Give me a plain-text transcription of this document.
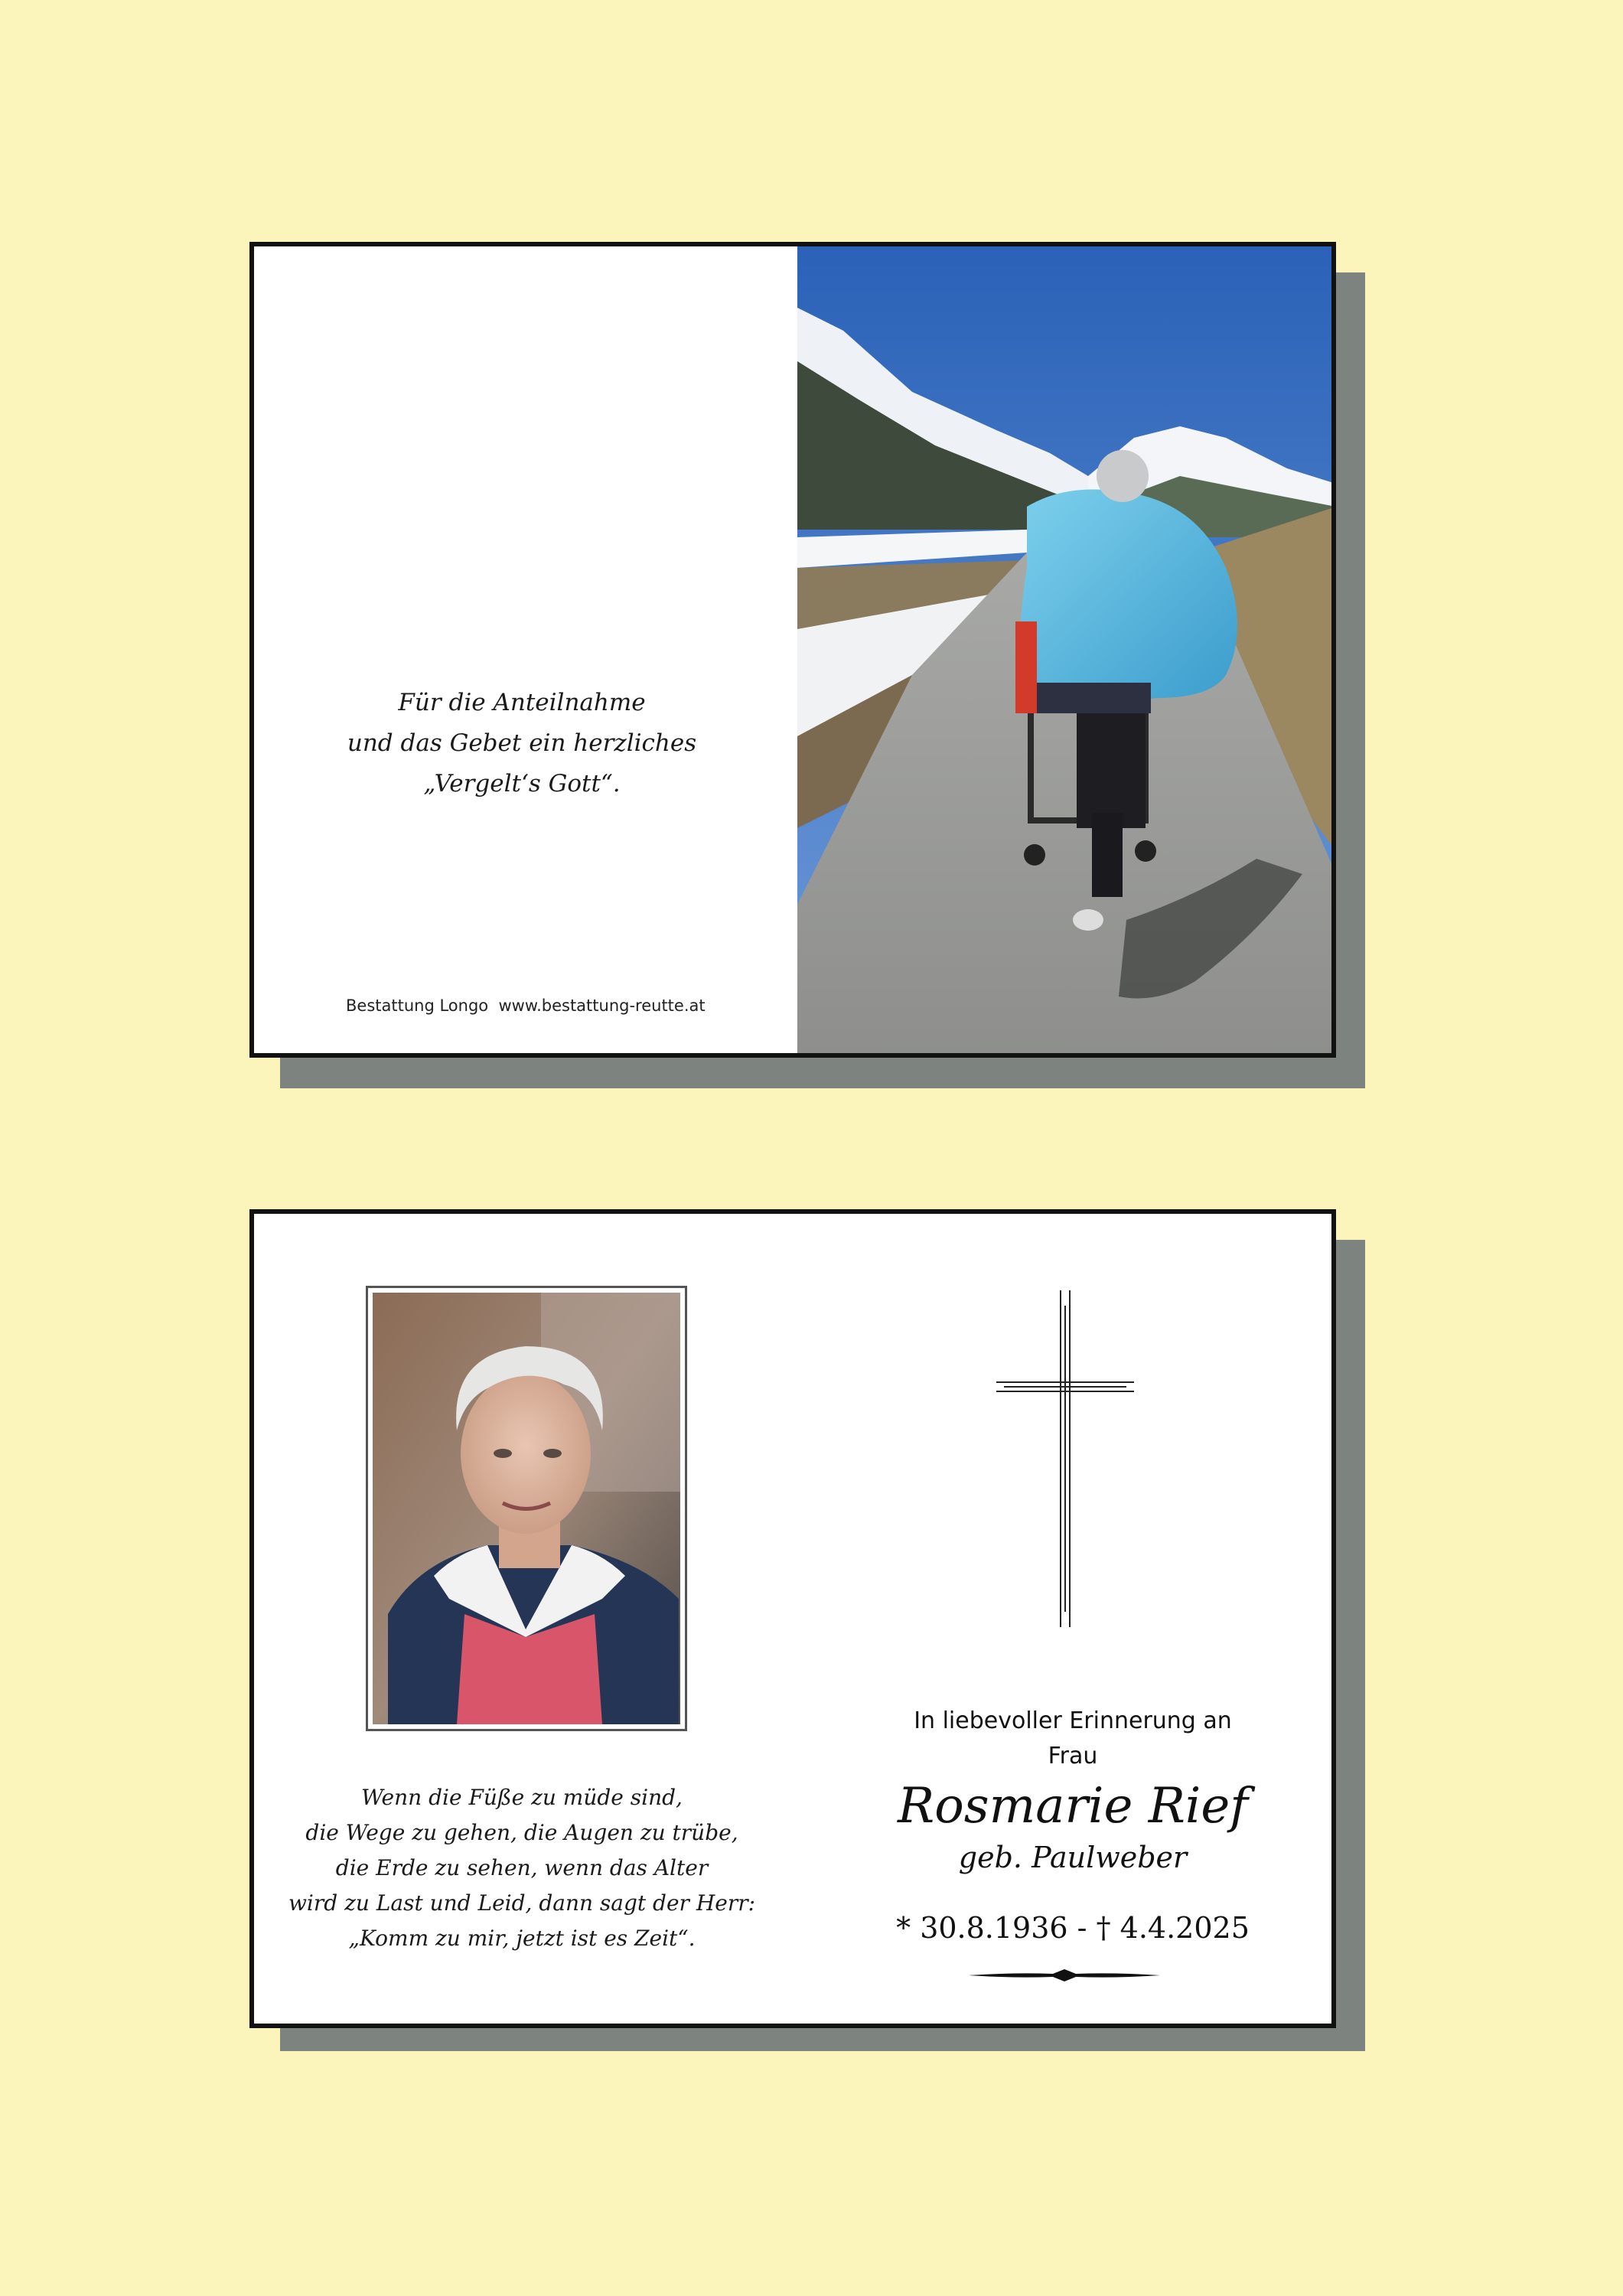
Für die Anteilnahme
und das Gebet ein herzliches
„Vergelt‘s Gott“.
Bestattung Longo  www.bestattung-reutte.at
Wenn die Füße zu müde sind,
die Wege zu gehen, die Augen zu trübe,
die Erde zu sehen, wenn das Alter
wird zu Last und Leid, dann sagt der Herr:
„Komm zu mir, jetzt ist es Zeit“.
In liebevoller Erinnerung an
Frau
Rosmarie Rief
geb. Paulweber
* 30.8.1936 - † 4.4.2025
